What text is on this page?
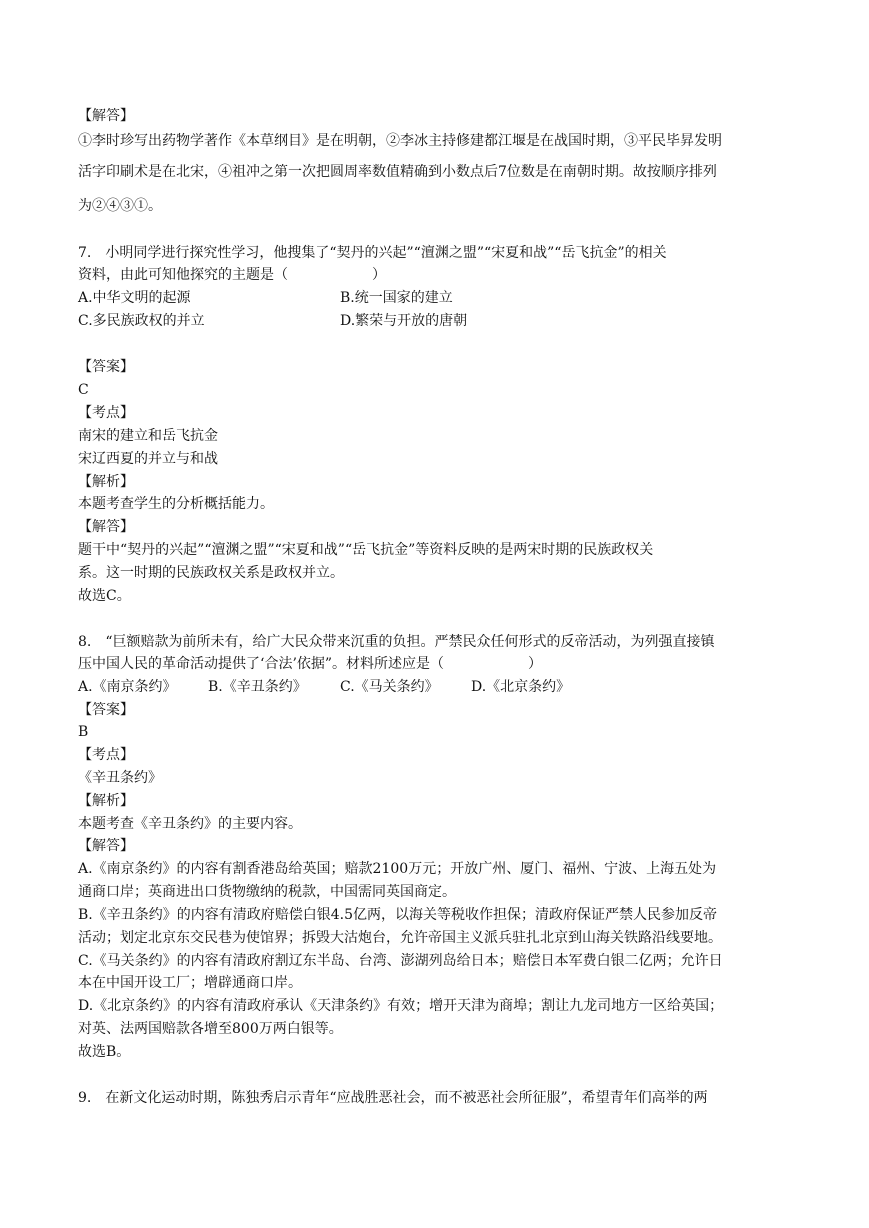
【解答】
①李时珍写出药物学著作《本草纲目》是在明朝，②李冰主持修建都江堰是在战国时期，③平民毕昇发明
活字印刷术是在北宋，④祖冲之第一次把圆周率数值精确到小数点后7位数是在南朝时期。故按顺序排列
为②④③①。
7.　小明同学进行探究性学习，他搜集了“契丹的兴起”“澶渊之盟”“宋夏和战”“岳飞抗金”的相关
资料，由此可知他探究的主题是（　　　　　　）
A.中华文明的起源	B.统一国家的建立
C.多民族政权的并立	D.繁荣与开放的唐朝
【答案】
C
【考点】
南宋的建立和岳飞抗金
宋辽西夏的并立与和战
【解析】
本题考查学生的分析概括能力。
【解答】
题干中“契丹的兴起”“澶渊之盟”“宋夏和战”“岳飞抗金”等资料反映的是两宋时期的民族政权关
系。这一时期的民族政权关系是政权并立。
故选C。
8.　“巨额赔款为前所未有，给广大民众带来沉重的负担。严禁民众任何形式的反帝活动，为列强直接镇
压中国人民的革命活动提供了‘合法’依据”。材料所述应是（　　　　　　）
A.《南京条约》 B.《辛丑条约》 C.《马关条约》 D.《北京条约》
【答案】
B
【考点】
《辛丑条约》
【解析】
本题考查《辛丑条约》的主要内容。
【解答】
A.《南京条约》的内容有割香港岛给英国；赔款2100万元；开放广州、厦门、福州、宁波、上海五处为
通商口岸；英商进出口货物缴纳的税款，中国需同英国商定。
B.《辛丑条约》的内容有清政府赔偿白银4.5亿两，以海关等税收作担保；清政府保证严禁人民参加反帝
活动；划定北京东交民巷为使馆界；拆毁大沽炮台，允许帝国主义派兵驻扎北京到山海关铁路沿线要地。
C.《马关条约》的内容有清政府割辽东半岛、台湾、澎湖列岛给日本；赔偿日本军费白银二亿两；允许日
本在中国开设工厂；增辟通商口岸。
D.《北京条约》的内容有清政府承认《天津条约》有效；增开天津为商埠；割让九龙司地方一区给英国；
对英、法两国赔款各增至800万两白银等。
故选B。
9.　在新文化运动时期，陈独秀启示青年“应战胜恶社会，而不被恶社会所征服”，希望青年们高举的两
